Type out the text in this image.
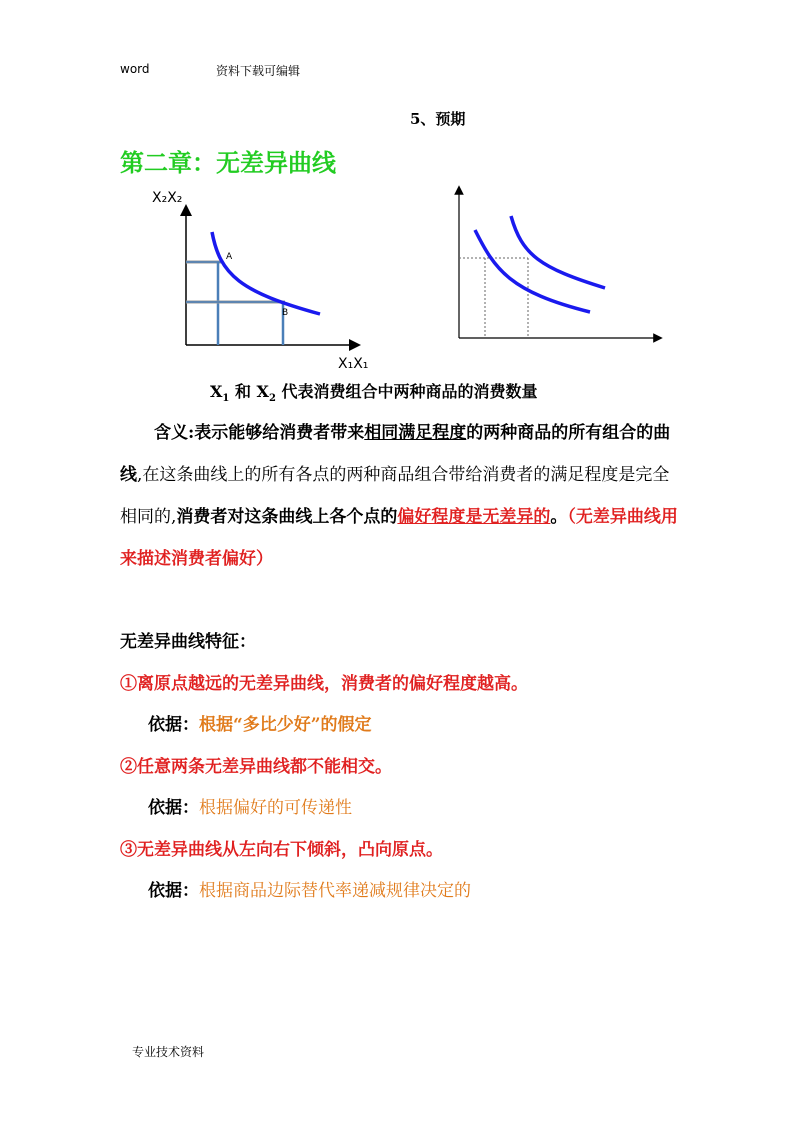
word	资料下载可编辑
5、预期
第二章：无差异曲线
X₂X₂
X₁X₁
A
B
$X_1$ 和 $X_2$ 代表消费组合中两种商品的消费数量
含义:表示能够给消费者带来相同满足程度的两种商品的所有组合的曲线,在这条曲线上的所有各点的两种商品组合带给消费者的满足程度是完全相同的,消费者对这条曲线上各个点的偏好程度是无差异的。（无差异曲线用来描述消费者偏好）
无差异曲线特征：
①离原点越远的无差异曲线，消费者的偏好程度越高。
依据：根据“多比少好”的假定
②任意两条无差异曲线都不能相交。
依据：根据偏好的可传递性
③无差异曲线从左向右下倾斜，凸向原点。
依据：根据商品边际替代率递减规律决定的
专业技术资料
